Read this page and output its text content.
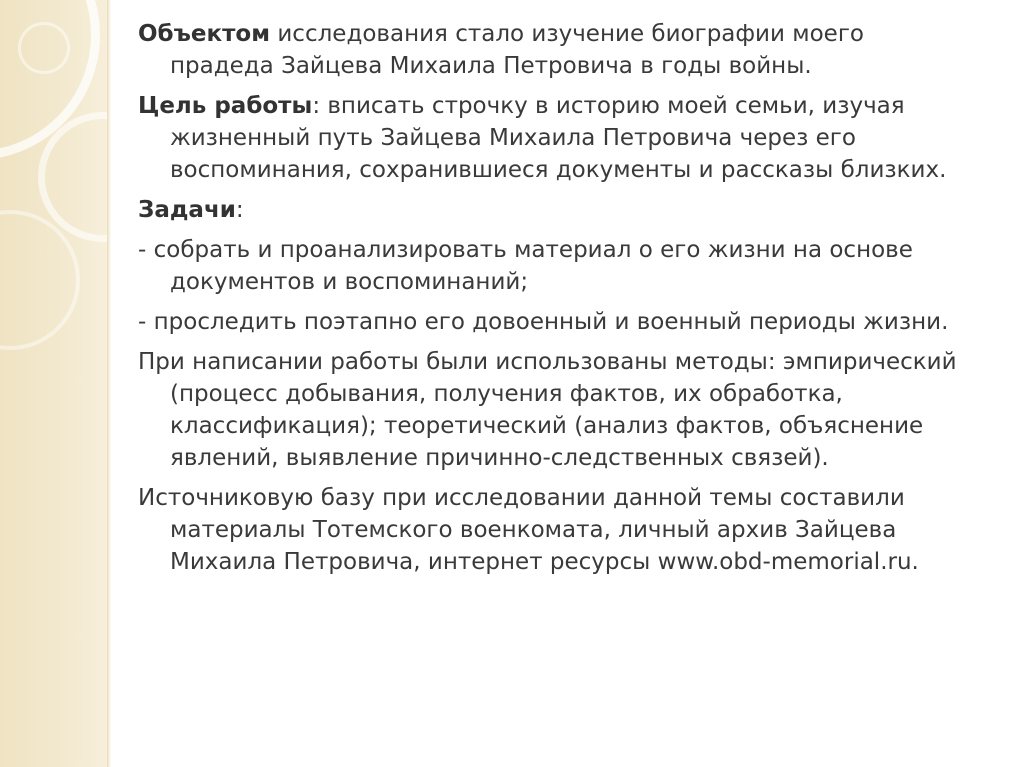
Объектом исследования стало изучение биографии моего прадеда Зайцева Михаила Петровича в годы войны.

Цель работы: вписать строчку в историю моей семьи, изучая жизненный путь Зайцева Михаила Петровича через его воспоминания, сохранившиеся документы и рассказы близких.

Задачи:

- собрать и проанализировать материал о его жизни на основе документов и воспоминаний;

- проследить поэтапно его довоенный и военный периоды жизни.

При написании работы были использованы методы: эмпирический (процесс добывания, получения фактов, их обработка, классификация); теоретический (анализ фактов, объяснение явлений, выявление причинно-следственных связей).

Источниковую базу при исследовании данной темы составили материалы Тотемского военкомата, личный архив Зайцева Михаила Петровича, интернет ресурсы www.obd-memorial.ru.
